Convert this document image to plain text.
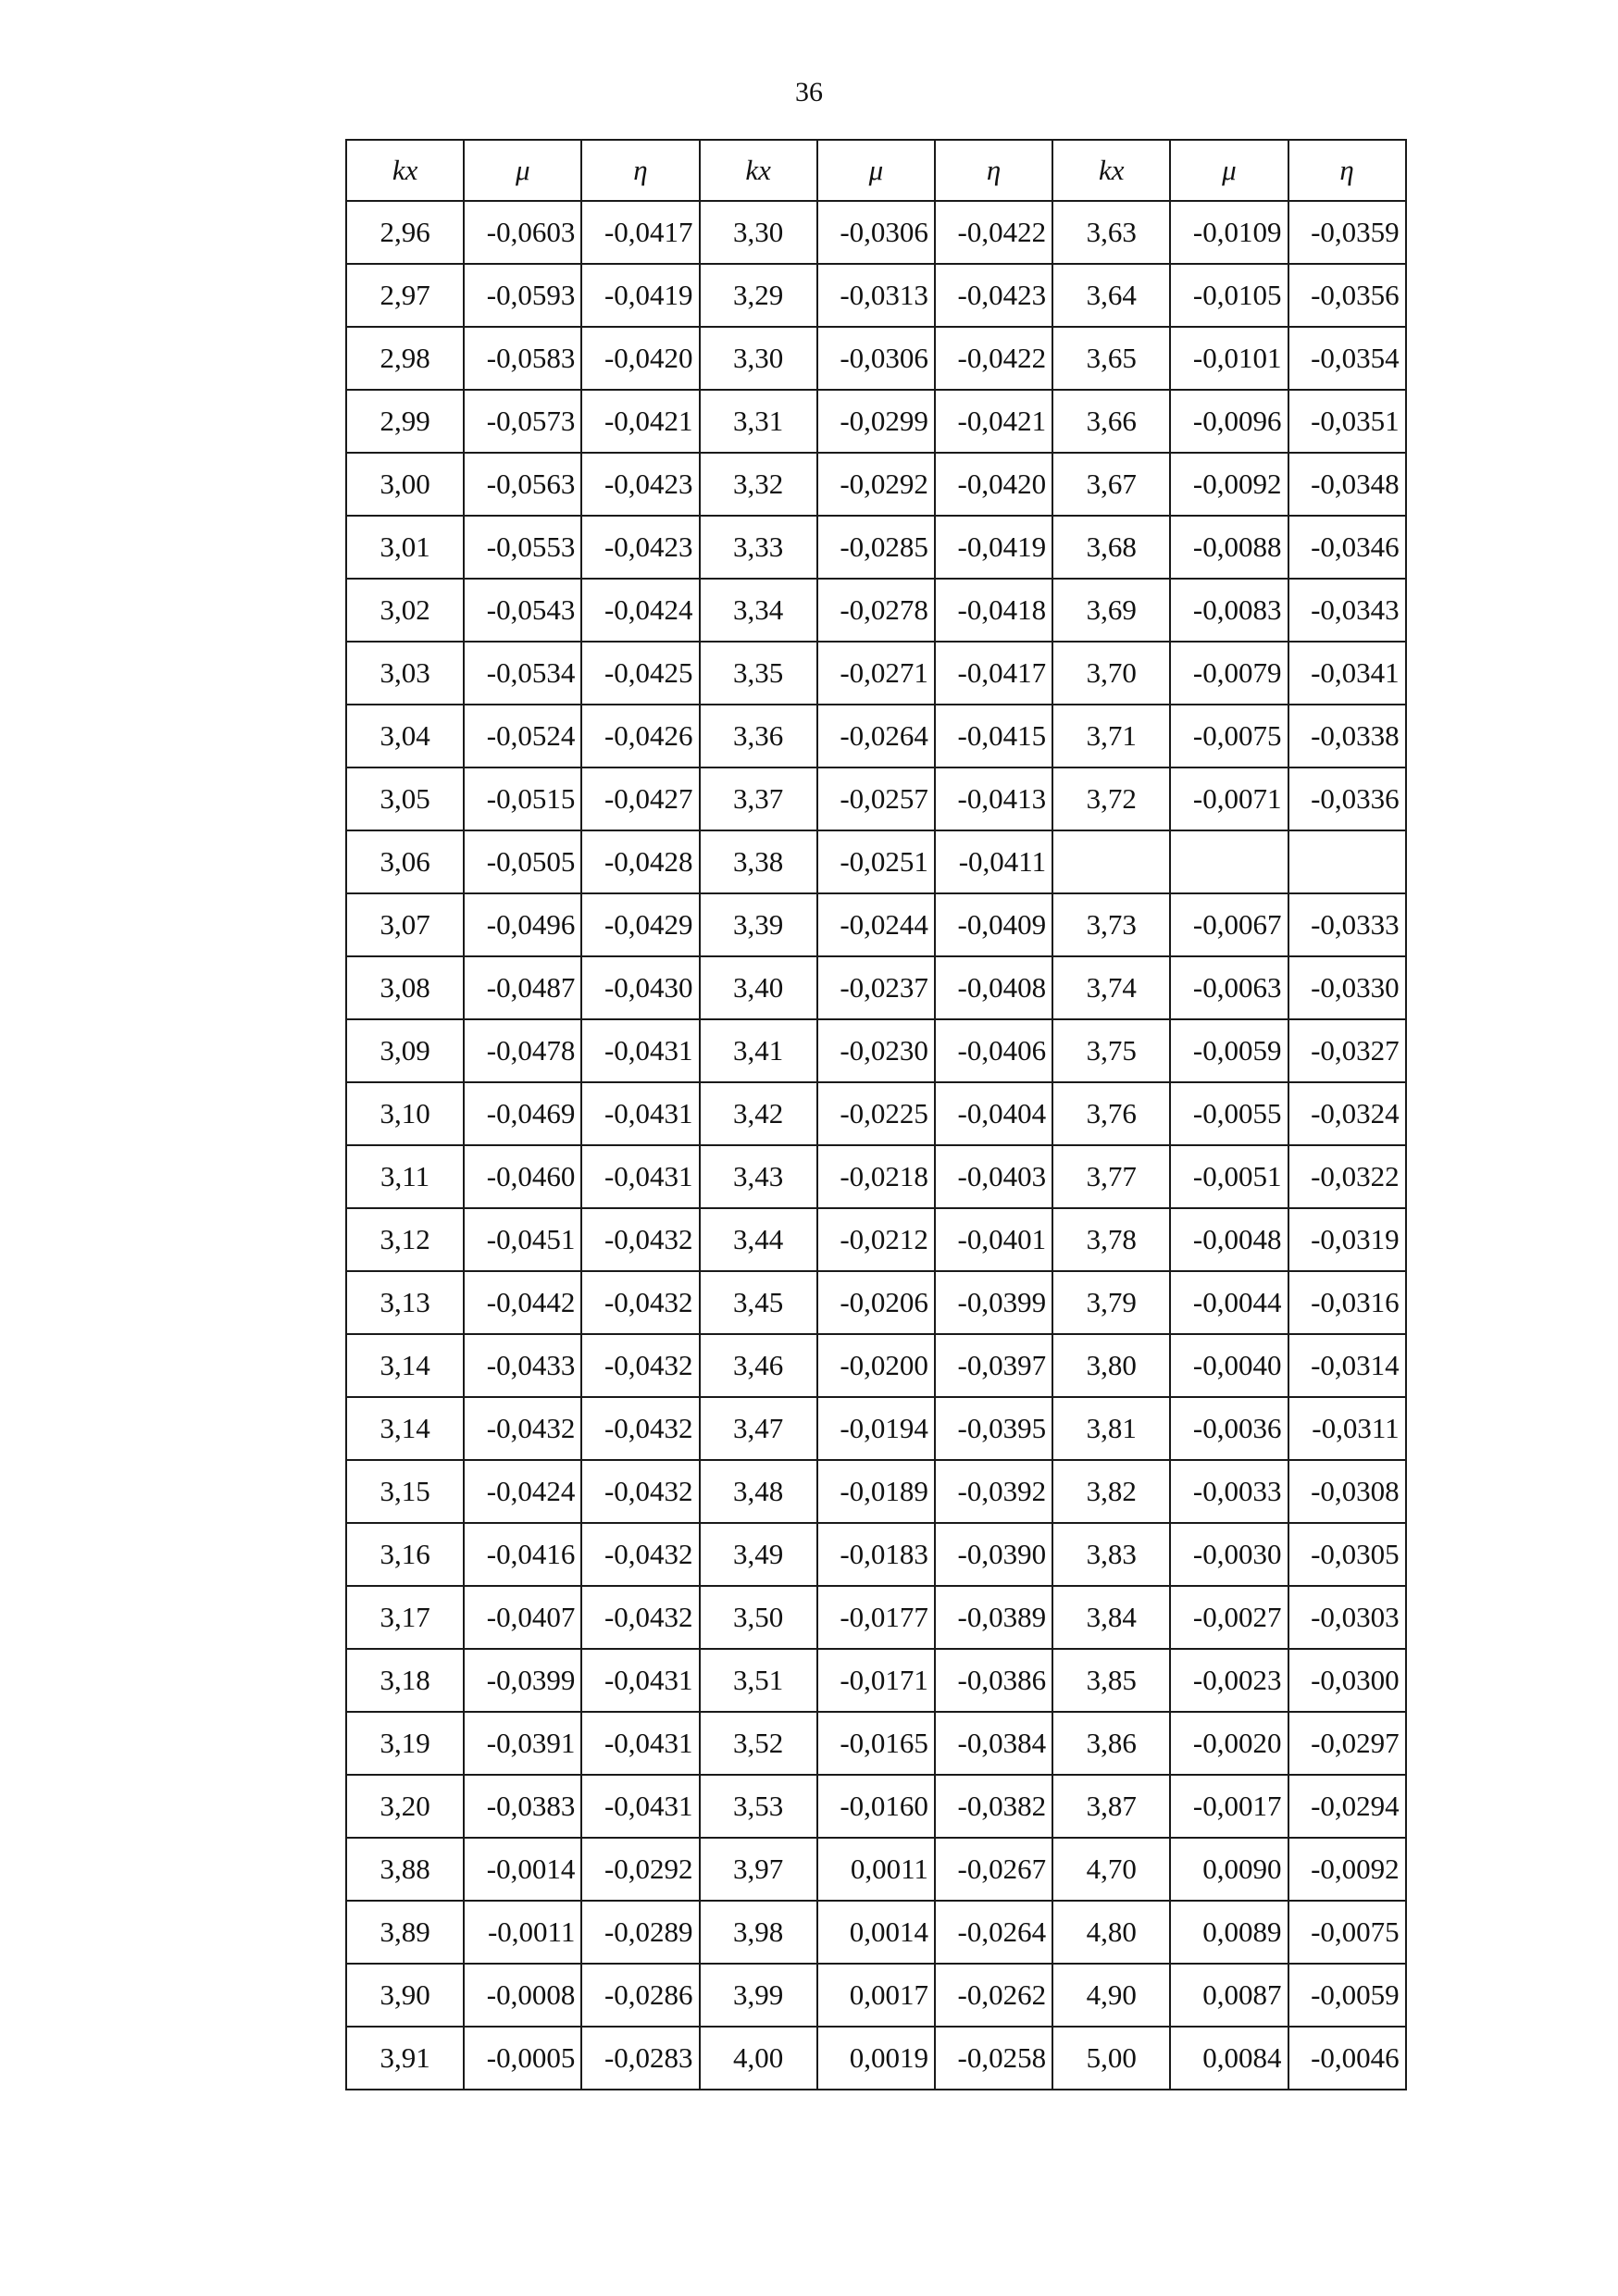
36
kx	μ	η	kx	μ	η	kx	μ	η
2,96	-0,0603	-0,0417	3,30	-0,0306	-0,0422	3,63	-0,0109	-0,0359
2,97	-0,0593	-0,0419	3,29	-0,0313	-0,0423	3,64	-0,0105	-0,0356
2,98	-0,0583	-0,0420	3,30	-0,0306	-0,0422	3,65	-0,0101	-0,0354
2,99	-0,0573	-0,0421	3,31	-0,0299	-0,0421	3,66	-0,0096	-0,0351
3,00	-0,0563	-0,0423	3,32	-0,0292	-0,0420	3,67	-0,0092	-0,0348
3,01	-0,0553	-0,0423	3,33	-0,0285	-0,0419	3,68	-0,0088	-0,0346
3,02	-0,0543	-0,0424	3,34	-0,0278	-0,0418	3,69	-0,0083	-0,0343
3,03	-0,0534	-0,0425	3,35	-0,0271	-0,0417	3,70	-0,0079	-0,0341
3,04	-0,0524	-0,0426	3,36	-0,0264	-0,0415	3,71	-0,0075	-0,0338
3,05	-0,0515	-0,0427	3,37	-0,0257	-0,0413	3,72	-0,0071	-0,0336
3,06	-0,0505	-0,0428	3,38	-0,0251	-0,0411			
3,07	-0,0496	-0,0429	3,39	-0,0244	-0,0409	3,73	-0,0067	-0,0333
3,08	-0,0487	-0,0430	3,40	-0,0237	-0,0408	3,74	-0,0063	-0,0330
3,09	-0,0478	-0,0431	3,41	-0,0230	-0,0406	3,75	-0,0059	-0,0327
3,10	-0,0469	-0,0431	3,42	-0,0225	-0,0404	3,76	-0,0055	-0,0324
3,11	-0,0460	-0,0431	3,43	-0,0218	-0,0403	3,77	-0,0051	-0,0322
3,12	-0,0451	-0,0432	3,44	-0,0212	-0,0401	3,78	-0,0048	-0,0319
3,13	-0,0442	-0,0432	3,45	-0,0206	-0,0399	3,79	-0,0044	-0,0316
3,14	-0,0433	-0,0432	3,46	-0,0200	-0,0397	3,80	-0,0040	-0,0314
3,14	-0,0432	-0,0432	3,47	-0,0194	-0,0395	3,81	-0,0036	-0,0311
3,15	-0,0424	-0,0432	3,48	-0,0189	-0,0392	3,82	-0,0033	-0,0308
3,16	-0,0416	-0,0432	3,49	-0,0183	-0,0390	3,83	-0,0030	-0,0305
3,17	-0,0407	-0,0432	3,50	-0,0177	-0,0389	3,84	-0,0027	-0,0303
3,18	-0,0399	-0,0431	3,51	-0,0171	-0,0386	3,85	-0,0023	-0,0300
3,19	-0,0391	-0,0431	3,52	-0,0165	-0,0384	3,86	-0,0020	-0,0297
3,20	-0,0383	-0,0431	3,53	-0,0160	-0,0382	3,87	-0,0017	-0,0294
3,88	-0,0014	-0,0292	3,97	0,0011	-0,0267	4,70	0,0090	-0,0092
3,89	-0,0011	-0,0289	3,98	0,0014	-0,0264	4,80	0,0089	-0,0075
3,90	-0,0008	-0,0286	3,99	0,0017	-0,0262	4,90	0,0087	-0,0059
3,91	-0,0005	-0,0283	4,00	0,0019	-0,0258	5,00	0,0084	-0,0046
